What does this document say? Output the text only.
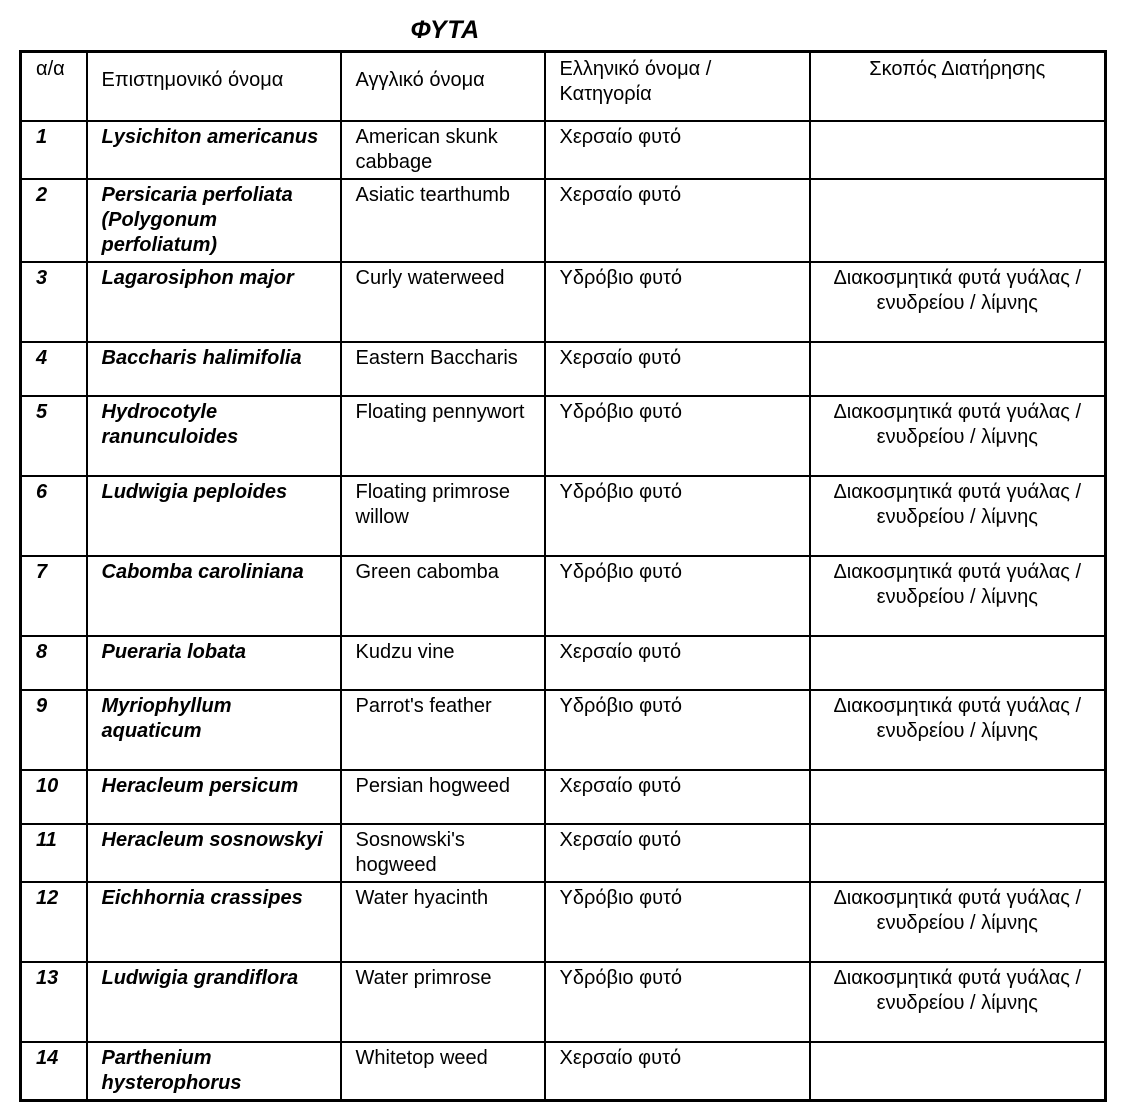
ΦΥΤΑ
α/α	Επιστημονικό όνομα	Αγγλικό όνομα	Ελληνικό όνομα / Κατηγορία	Σκοπός Διατήρησης
1	Lysichiton americanus	American skunk cabbage	Χερσαίο φυτό	
2	Persicaria perfoliata (Polygonum perfoliatum)	Asiatic tearthumb	Χερσαίο φυτό	
3	Lagarosiphon major	Curly waterweed	Υδρόβιο φυτό	Διακοσμητικά φυτά γυάλας / ενυδρείου / λίμνης
4	Baccharis halimifolia	Eastern Baccharis	Χερσαίο φυτό	
5	Hydrocotyle ranunculoides	Floating pennywort	Υδρόβιο φυτό	Διακοσμητικά φυτά γυάλας / ενυδρείου / λίμνης
6	Ludwigia peploides	Floating primrose willow	Υδρόβιο φυτό	Διακοσμητικά φυτά γυάλας / ενυδρείου / λίμνης
7	Cabomba caroliniana	Green cabomba	Υδρόβιο φυτό	Διακοσμητικά φυτά γυάλας / ενυδρείου / λίμνης
8	Pueraria lobata	Kudzu vine	Χερσαίο φυτό	
9	Myriophyllum aquaticum	Parrot's feather	Υδρόβιο φυτό	Διακοσμητικά φυτά γυάλας / ενυδρείου / λίμνης
10	Heracleum persicum	Persian hogweed	Χερσαίο φυτό	
11	Heracleum sosnowskyi	Sosnowski's hogweed	Χερσαίο φυτό	
12	Eichhornia crassipes	Water hyacinth	Υδρόβιο φυτό	Διακοσμητικά φυτά γυάλας / ενυδρείου / λίμνης
13	Ludwigia grandiflora	Water primrose	Υδρόβιο φυτό	Διακοσμητικά φυτά γυάλας / ενυδρείου / λίμνης
14	Parthenium hysterophorus	Whitetop weed	Χερσαίο φυτό	
